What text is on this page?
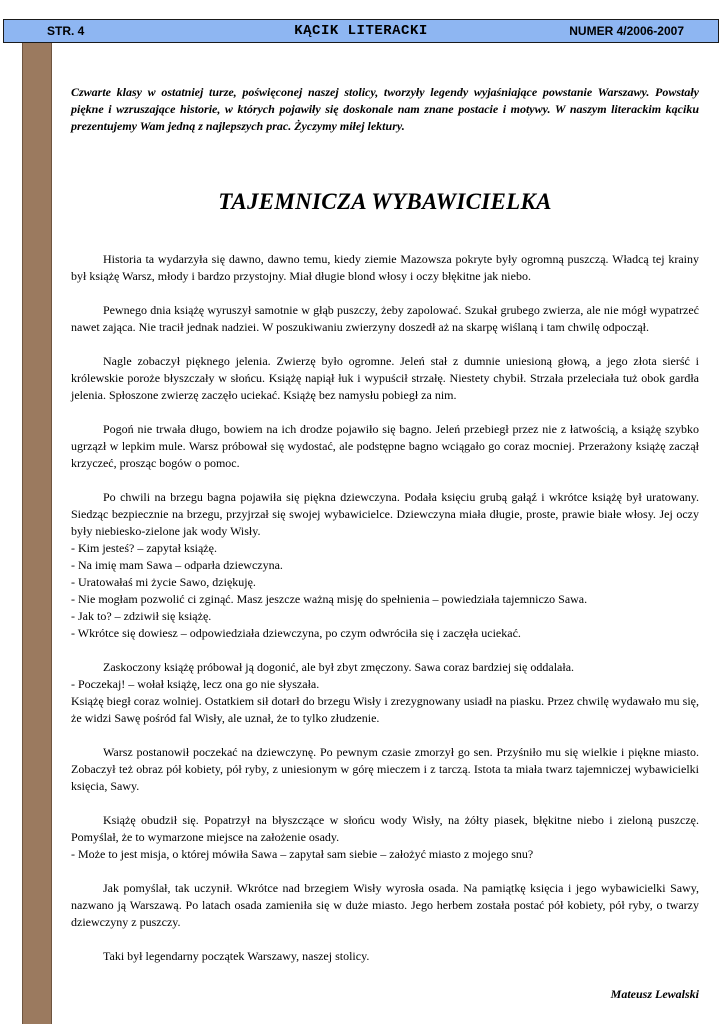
STR. 4	KĄCIK LITERACKI	NUMER 4/2006-2007

Czwarte klasy w ostatniej turze, poświęconej naszej stolicy, tworzyły legendy wyjaśniające powstanie Warszawy. Powstały piękne i wzruszające historie, w których pojawiły się doskonale nam znane postacie i motywy. W naszym literackim kąciku prezentujemy Wam jedną z najlepszych prac. Życzymy miłej lektury.

TAJEMNICZA WYBAWICIELKA

Historia ta wydarzyła się dawno, dawno temu, kiedy ziemie Mazowsza pokryte były ogromną puszczą. Władcą tej krainy był książę Warsz, młody i bardzo przystojny. Miał długie blond włosy i oczy błękitne jak niebo.

Pewnego dnia książę wyruszył samotnie w głąb puszczy, żeby zapolować. Szukał grubego zwierza, ale nie mógł wypatrzeć nawet zająca. Nie tracił jednak nadziei. W poszukiwaniu zwierzyny doszedł aż na skarpę wiślaną i tam chwilę odpoczął.

Nagle zobaczył pięknego jelenia. Zwierzę było ogromne. Jeleń stał z dumnie uniesioną głową, a jego złota sierść i królewskie poroże błyszczały w słońcu. Książę napiął łuk i wypuścił strzałę. Niestety chybił. Strzała przeleciała tuż obok gardła jelenia. Spłoszone zwierzę zaczęło uciekać. Książę bez namysłu pobiegł za nim.

Pogoń nie trwała długo, bowiem na ich drodze pojawiło się bagno. Jeleń przebiegł przez nie z łatwością, a książę szybko ugrzązł w lepkim mule. Warsz próbował się wydostać, ale podstępne bagno wciągało go coraz mocniej. Przerażony książę zaczął krzyczeć, prosząc bogów o pomoc.

Po chwili na brzegu bagna pojawiła się piękna dziewczyna. Podała księciu grubą gałąź i wkrótce książę był uratowany. Siedząc bezpiecznie na brzegu, przyjrzał się swojej wybawicielce. Dziewczyna miała długie, proste, prawie białe włosy. Jej oczy były niebiesko-zielone jak wody Wisły.

- Kim jesteś? – zapytał książę.

- Na imię mam Sawa – odparła dziewczyna.

- Uratowałaś mi życie Sawo, dziękuję.

- Nie mogłam pozwolić ci zginąć. Masz jeszcze ważną misję do spełnienia – powiedziała tajemniczo Sawa.

- Jak to? – zdziwił się książę.

- Wkrótce się dowiesz – odpowiedziała dziewczyna, po czym odwróciła się i zaczęła uciekać.

Zaskoczony książę próbował ją dogonić, ale był zbyt zmęczony. Sawa coraz bardziej się oddalała.

- Poczekaj! – wołał książę, lecz ona go nie słyszała.

Książę biegł coraz wolniej. Ostatkiem sił dotarł do brzegu Wisły i zrezygnowany usiadł na piasku. Przez chwilę wydawało mu się, że widzi Sawę pośród fal Wisły, ale uznał, że to tylko złudzenie.

Warsz postanowił poczekać na dziewczynę. Po pewnym czasie zmorzył go sen. Przyśniło mu się wielkie i piękne miasto. Zobaczył też obraz pół kobiety, pół ryby, z uniesionym w górę mieczem i z tarczą. Istota ta miała twarz tajemniczej wybawicielki księcia, Sawy.

Książę obudził się. Popatrzył na błyszczące w słońcu wody Wisły, na żółty piasek, błękitne niebo i zieloną puszczę. Pomyślał, że to wymarzone miejsce na założenie osady.

- Może to jest misja, o której mówiła Sawa – zapytał sam siebie – założyć miasto z mojego snu?

Jak pomyślał, tak uczynił. Wkrótce nad brzegiem Wisły wyrosła osada. Na pamiątkę księcia i jego wybawicielki Sawy, nazwano ją Warszawą. Po latach osada zamieniła się w duże miasto. Jego herbem została postać pół kobiety, pół ryby, o twarzy dziewczyny z puszczy.

Taki był legendarny początek Warszawy, naszej stolicy.

Mateusz Lewalski
